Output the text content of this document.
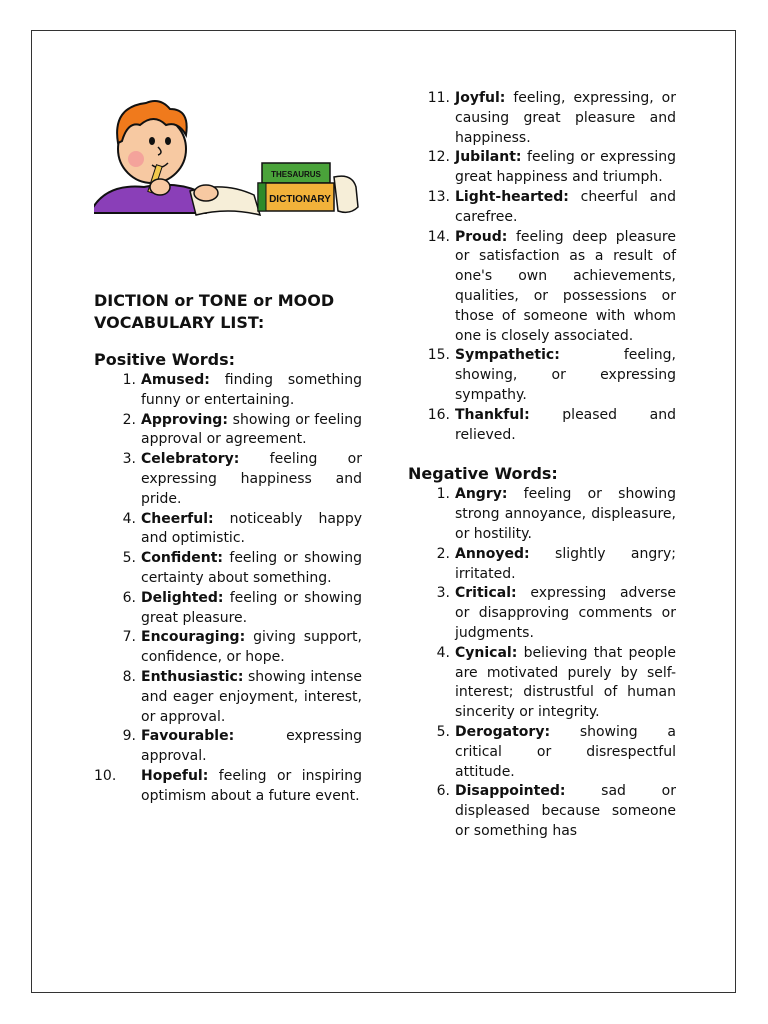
THESAURUS
DICTIONARY
DICTION or TONE or MOOD
VOCABULARY LIST:
Positive Words:
1. Amused: finding something funny or entertaining.
2. Approving: showing or feeling approval or agreement.
3. Celebratory: feeling or expressing happiness and pride.
4. Cheerful: noticeably happy and optimistic.
5. Confident: feeling or showing certainty about something.
6. Delighted: feeling or showing great pleasure.
7. Encouraging: giving support, confidence, or hope.
8. Enthusiastic: showing intense and eager enjoyment, interest, or approval.
9. Favourable: expressing approval.
10.	Hopeful: feeling or inspiring optimism about a future event.
11. Joyful: feeling, expressing, or causing great pleasure and happiness.
12. Jubilant: feeling or expressing great happiness and triumph.
13. Light-hearted: cheerful and carefree.
14. Proud: feeling deep pleasure or satisfaction as a result of one's own achievements, qualities, or possessions or those of someone with whom one is closely associated.
15. Sympathetic: feeling, showing, or expressing sympathy.
16. Thankful: pleased and relieved.
Negative Words:
1. Angry: feeling or showing strong annoyance, displeasure, or hostility.
2. Annoyed: slightly angry; irritated.
3. Critical: expressing adverse or disapproving comments or judgments.
4. Cynical: believing that people are motivated purely by self-interest; distrustful of human sincerity or integrity.
5. Derogatory: showing a critical or disrespectful attitude.
6. Disappointed: sad or displeased because someone or something has
